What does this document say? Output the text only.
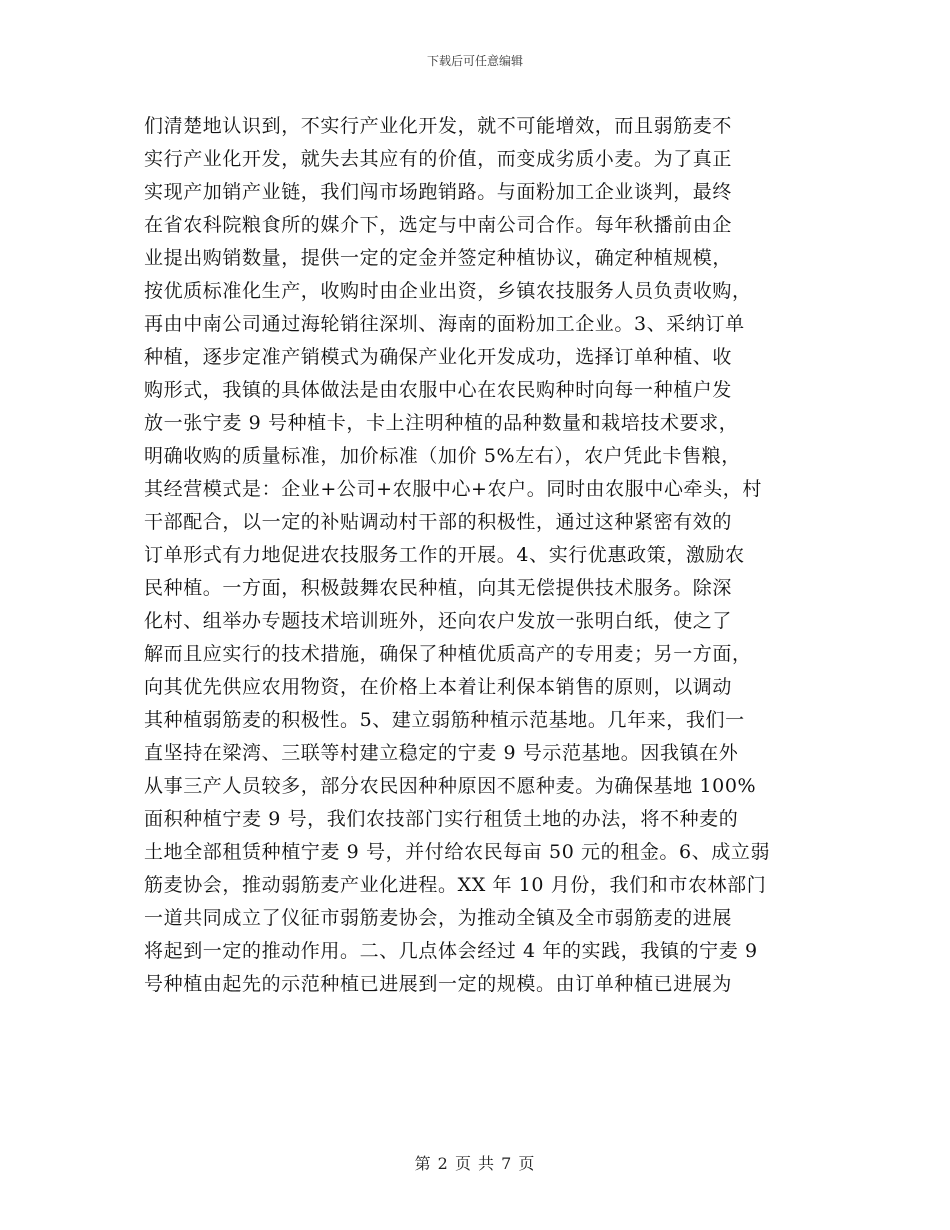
下载后可任意编辑
们清楚地认识到，不实行产业化开发，就不可能增效，而且弱筋麦不
实行产业化开发，就失去其应有的价值，而变成劣质小麦。为了真正
实现产加销产业链，我们闯市场跑销路。与面粉加工企业谈判，最终
在省农科院粮食所的媒介下，选定与中南公司合作。每年秋播前由企
业提出购销数量，提供一定的定金并签定种植协议，确定种植规模，
按优质标准化生产，收购时由企业出资，乡镇农技服务人员负责收购，
再由中南公司通过海轮销往深圳、海南的面粉加工企业。3、采纳订单
种植，逐步定准产销模式为确保产业化开发成功，选择订单种植、收
购形式，我镇的具体做法是由农服中心在农民购种时向每一种植户发
放一张宁麦 9 号种植卡，卡上注明种植的品种数量和栽培技术要求，
明确收购的质量标准，加价标准（加价 5%左右），农户凭此卡售粮，
其经营模式是：企业+公司+农服中心+农户。同时由农服中心牵头，村
干部配合，以一定的补贴调动村干部的积极性，通过这种紧密有效的
订单形式有力地促进农技服务工作的开展。4、实行优惠政策，激励农
民种植。一方面，积极鼓舞农民种植，向其无偿提供技术服务。除深
化村、组举办专题技术培训班外，还向农户发放一张明白纸，使之了
解而且应实行的技术措施，确保了种植优质高产的专用麦；另一方面，
向其优先供应农用物资，在价格上本着让利保本销售的原则，以调动
其种植弱筋麦的积极性。5、建立弱筋种植示范基地。几年来，我们一
直坚持在梁湾、三联等村建立稳定的宁麦 9 号示范基地。因我镇在外
从事三产人员较多，部分农民因种种原因不愿种麦。为确保基地 100%
面积种植宁麦 9 号，我们农技部门实行租赁土地的办法，将不种麦的
土地全部租赁种植宁麦 9 号，并付给农民每亩 50 元的租金。6、成立弱
筋麦协会，推动弱筋麦产业化进程。XX 年 10 月份，我们和市农林部门
一道共同成立了仪征市弱筋麦协会，为推动全镇及全市弱筋麦的进展
将起到一定的推动作用。二、几点体会经过 4 年的实践，我镇的宁麦 9
号种植由起先的示范种植已进展到一定的规模。由订单种植已进展为
第 2 页 共 7 页
